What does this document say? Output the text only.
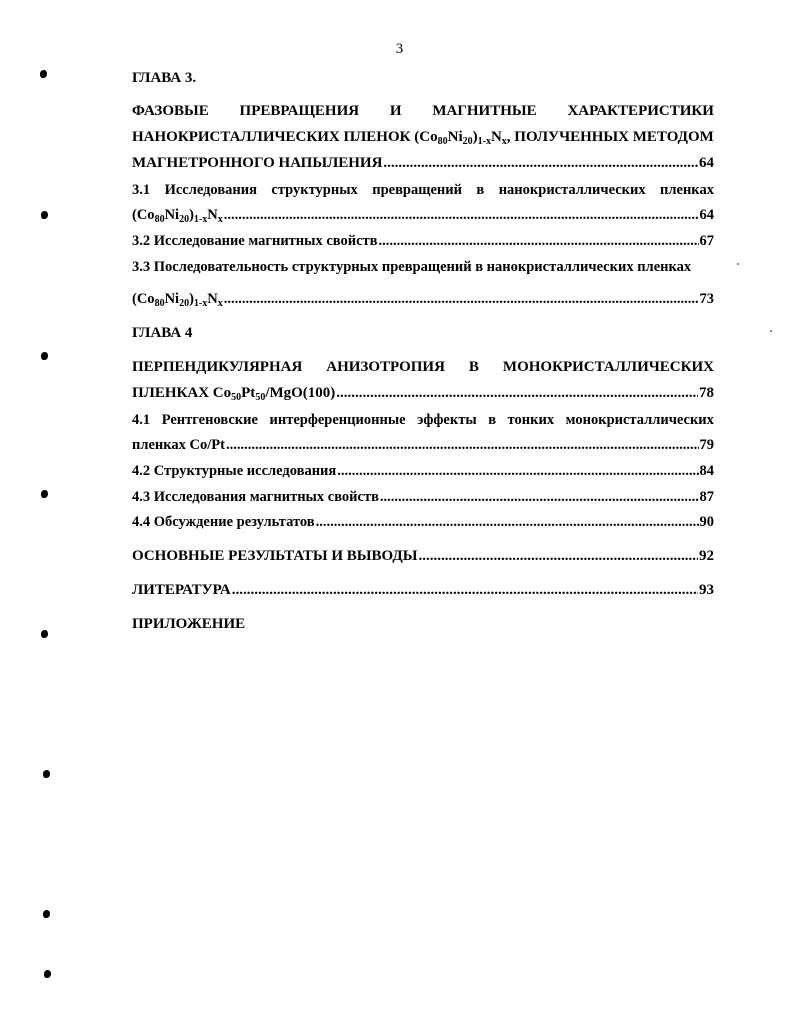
3
ГЛАВА 3.
ФАЗОВЫЕ ПРЕВРАЩЕНИЯ И МАГНИТНЫЕ ХАРАКТЕРИСТИКИ
НАНОКРИСТАЛЛИЧЕСКИХ ПЛЕНОК $(Co_{80}Ni_{20})_{1-x}N_x$, ПОЛУЧЕННЫХ МЕТОДОМ
МАГНЕТРОННОГО НАПЫЛЕНИЯ .....	64
3.1 Исследования структурных превращений в нанокристаллических пленках
$(Co_{80}Ni_{20})_{1-x}N_x$ .....	64
3.2 Исследование магнитных свойств .....	67
3.3 Последовательность структурных превращений в нанокристаллических пленках
$(Co_{80}Ni_{20})_{1-x}N_x$ .....	73
ГЛАВА 4
ПЕРПЕНДИКУЛЯРНАЯ АНИЗОТРОПИЯ В МОНОКРИСТАЛЛИЧЕСКИХ
ПЛЕНКАХ $Co_{50}Pt_{50}/MgO(100)$ .....	78
4.1 Рентгеновские интерференционные эффекты в тонких монокристаллических
пленках Co/Pt .....	79
4.2 Структурные исследования .....	84
4.3 Исследования магнитных свойств .....	87
4.4 Обсуждение результатов .....	90
ОСНОВНЫЕ РЕЗУЛЬТАТЫ И ВЫВОДЫ .....	92
ЛИТЕРАТУРА .....	93
ПРИЛОЖЕНИЕ
